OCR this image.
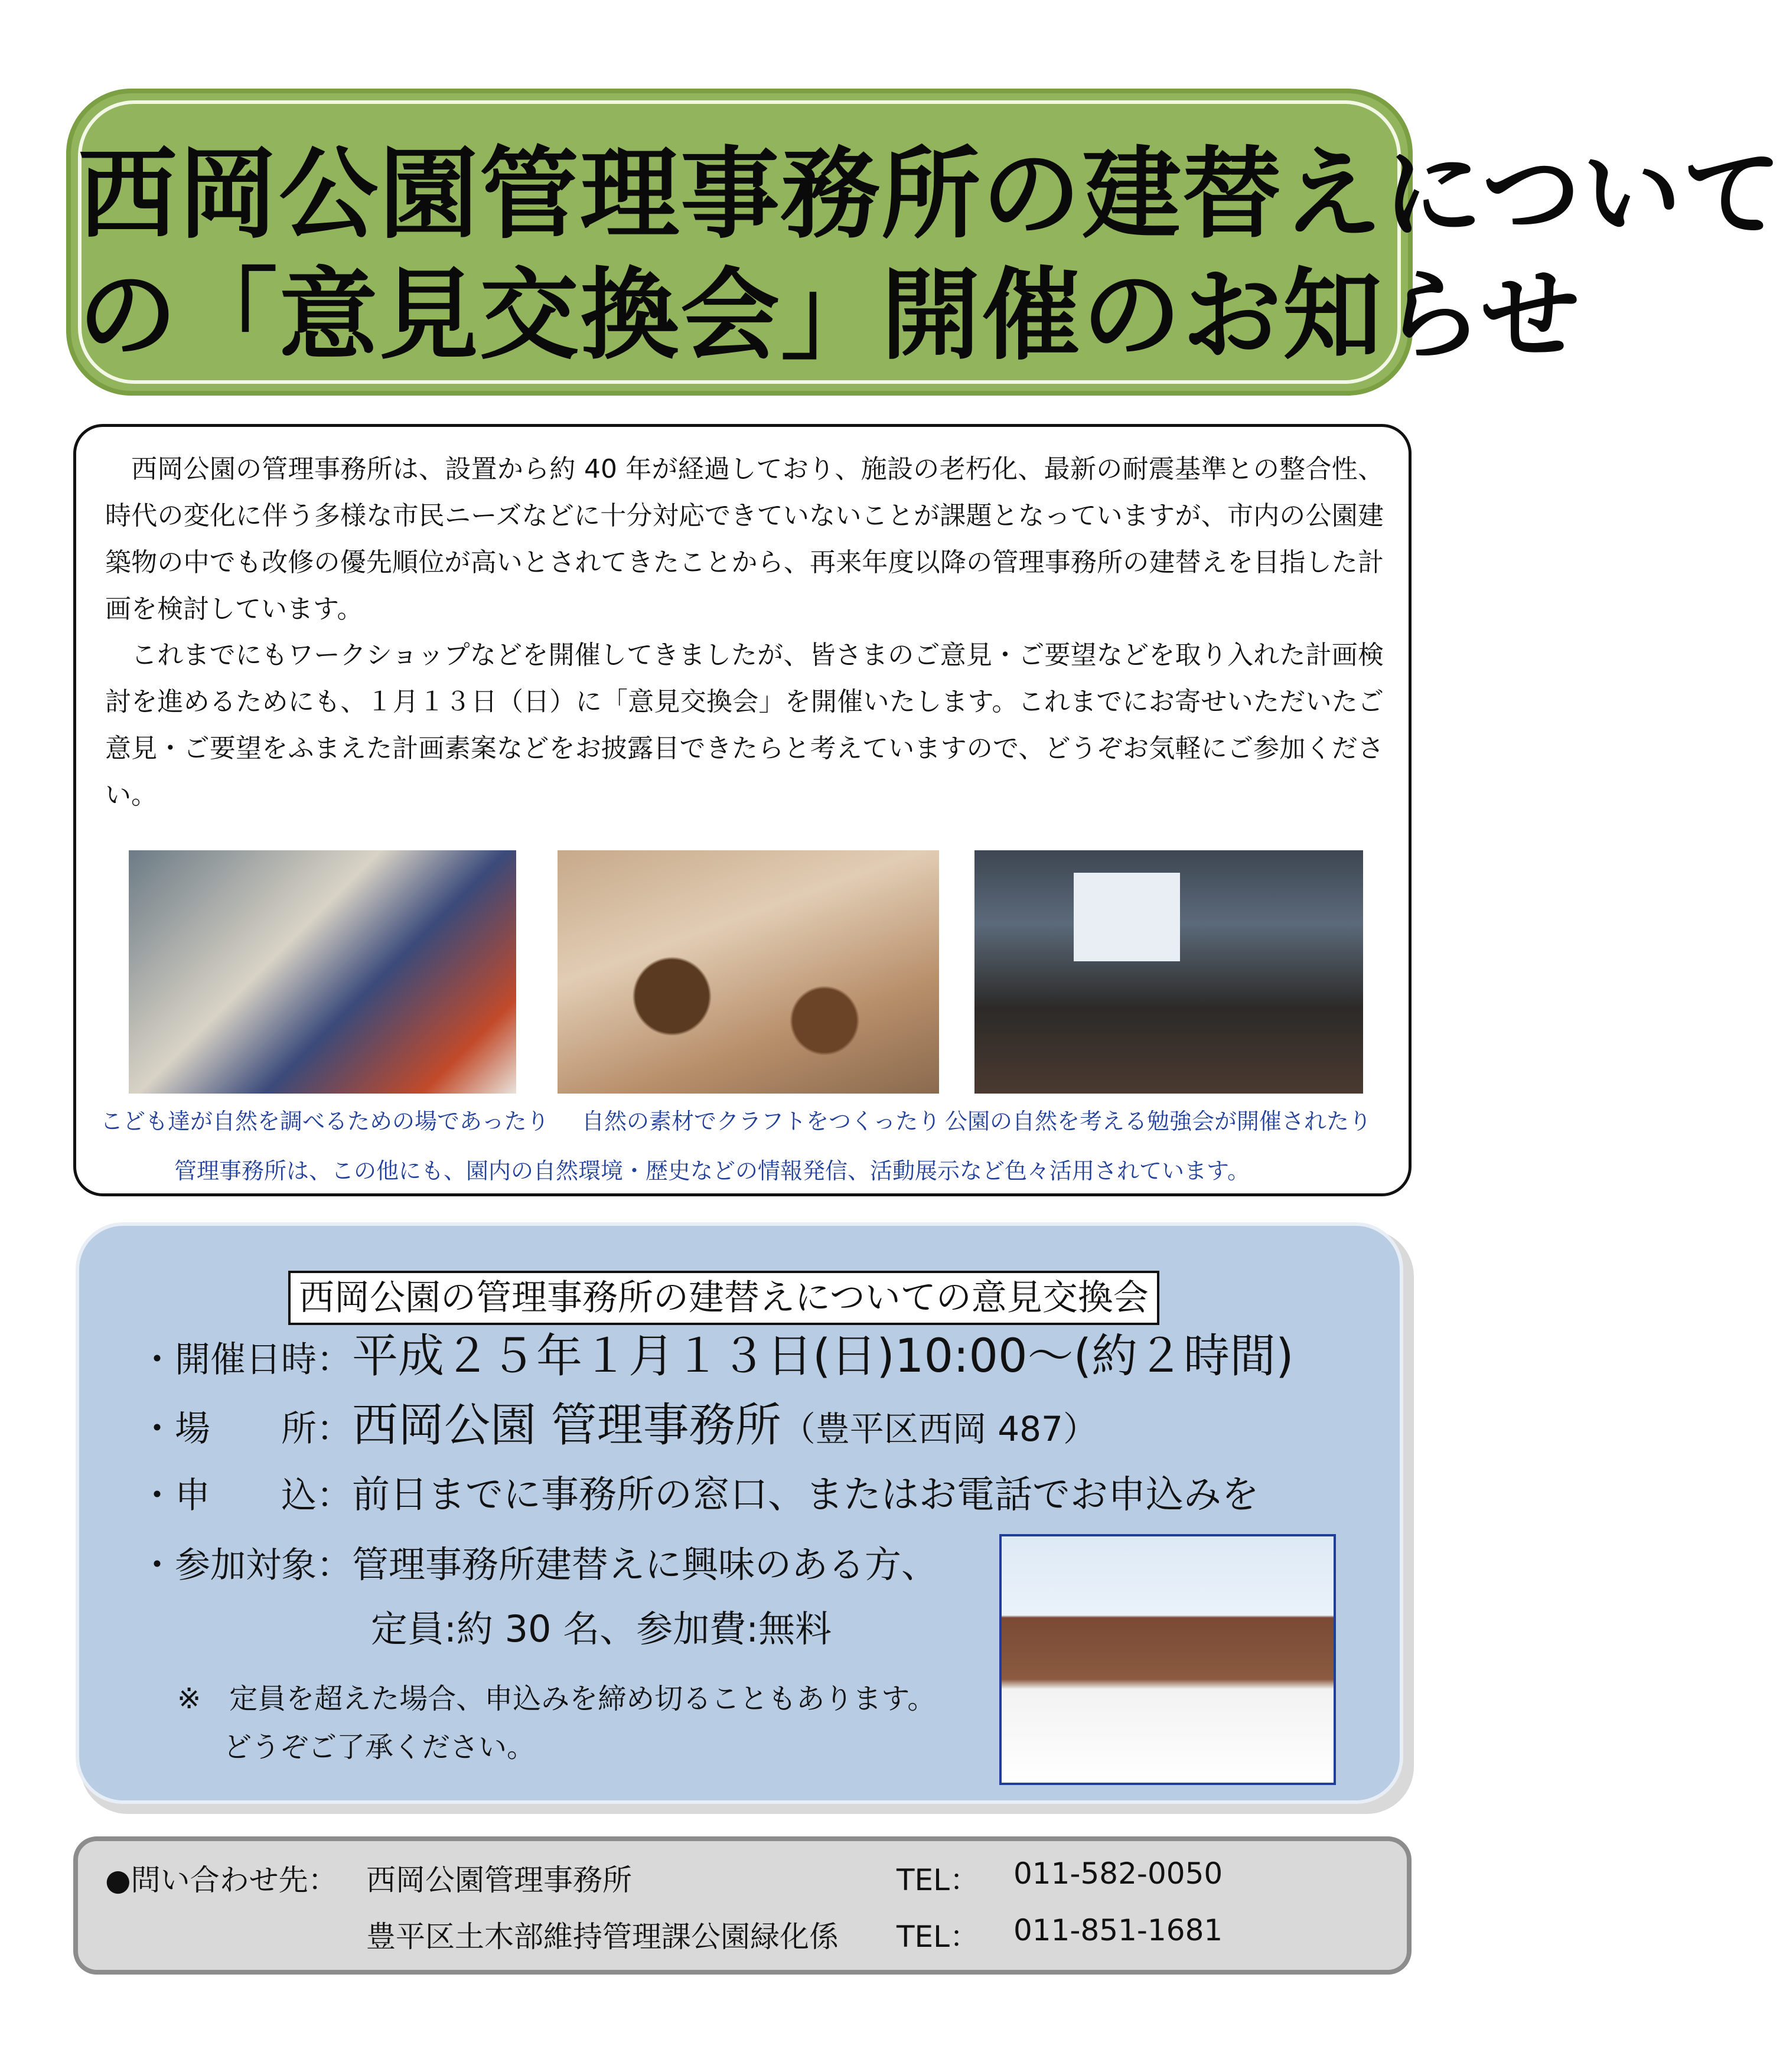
西岡公園管理事務所の建替えについて
の「意見交換会」開催のお知らせ
西岡公園の管理事務所は、設置から約 40 年が経過しており、施設の老朽化、最新の耐震基準との整合性、時代の変化に伴う多様な市民ニーズなどに十分対応できていないことが課題となっていますが、市内の公園建築物の中でも改修の優先順位が高いとされてきたことから、再来年度以降の管理事務所の建替えを目指した計画を検討しています。
これまでにもワークショップなどを開催してきましたが、皆さまのご意見・ご要望などを取り入れた計画検討を進めるためにも、１月１３日（日）に「意見交換会」を開催いたします。これまでにお寄せいただいたご意見・ご要望をふまえた計画素案などをお披露目できたらと考えていますので、どうぞお気軽にご参加ください。
こども達が自然を調べるための場であったり 自然の素材でクラフトをつくったり 公園の自然を考える勉強会が開催されたり
管理事務所は、この他にも、園内の自然環境・歴史などの情報発信、活動展示など色々活用されています。
西岡公園の管理事務所の建替えについての意見交換会
・開催日時：平成２５年１月１３日(日)10:00～(約２時間)
・場　　所：西岡公園 管理事務所（豊平区西岡 487）
・申　　込：前日までに事務所の窓口、またはお電話でお申込みを
・参加対象：管理事務所建替えに興味のある方、
定員:約 30 名、参加費:無料
※　定員を超えた場合、申込みを締め切ることもあります。
どうぞご了承ください。
●問い合わせ先： 西岡公園管理事務所	TEL： 011-582-0050
豊平区土木部維持管理課公園緑化係 TEL： 011-851-1681
